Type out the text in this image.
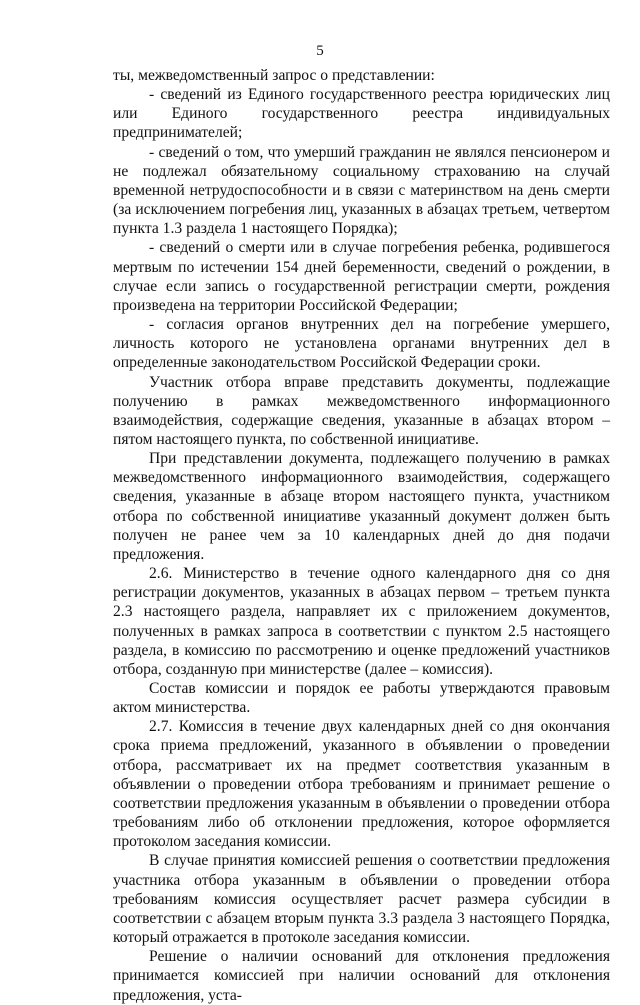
5

ты, межведомственный запрос о представлении:

- сведений из Единого государственного реестра юридических лиц или Единого государственного реестра индивидуальных предпринимателей;

- сведений о том, что умерший гражданин не являлся пенсионером и не подлежал обязательному социальному страхованию на случай временной нетрудоспособности и в связи с материнством на день смерти (за исключением погребения лиц, указанных в абзацах третьем, четвертом пункта 1.3 раздела 1 настоящего Порядка);

- сведений о смерти или в случае погребения ребенка, родившегося мертвым по истечении 154 дней беременности, сведений о рождении, в случае если запись о государственной регистрации смерти, рождения произведена на территории Российской Федерации;

- согласия органов внутренних дел на погребение умершего, личность которого не установлена органами внутренних дел в определенные законодательством Российской Федерации сроки.

Участник отбора вправе представить документы, подлежащие получению в рамках межведомственного информационного взаимодействия, содержащие сведения, указанные в абзацах втором – пятом настоящего пункта, по собственной инициативе.

При представлении документа, подлежащего получению в рамках межведомственного информационного взаимодействия, содержащего сведения, указанные в абзаце втором настоящего пункта, участником отбора по собственной инициативе указанный документ должен быть получен не ранее чем за 10 календарных дней до дня подачи предложения.

2.6. Министерство в течение одного календарного дня со дня регистрации документов, указанных в абзацах первом – третьем пункта 2.3 настоящего раздела, направляет их с приложением документов, полученных в рамках запроса в соответствии с пунктом 2.5 настоящего раздела, в комиссию по рассмотрению и оценке предложений участников отбора, созданную при министерстве (далее – комиссия).

Состав комиссии и порядок ее работы утверждаются правовым актом министерства.

2.7. Комиссия в течение двух календарных дней со дня окончания срока приема предложений, указанного в объявлении о проведении отбора, рассматривает их на предмет соответствия указанным в объявлении о проведении отбора требованиям и принимает решение о соответствии предложения указанным в объявлении о проведении отбора требованиям либо об отклонении предложения, которое оформляется протоколом заседания комиссии.

В случае принятия комиссией решения о соответствии предложения участника отбора указанным в объявлении о проведении отбора требованиям комиссия осуществляет расчет размера субсидии в соответствии с абзацем вторым пункта 3.3 раздела 3 настоящего Порядка, который отражается в протоколе заседания комиссии.

Решение о наличии оснований для отклонения предложения принимается комиссией при наличии оснований для отклонения предложения, уста-
